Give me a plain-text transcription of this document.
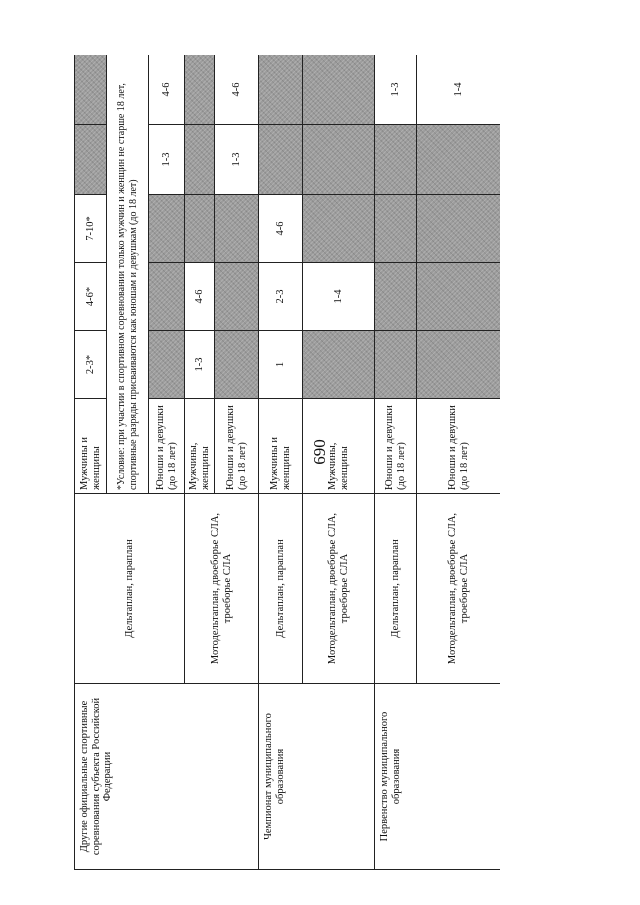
690
Другие официальные спортивные соревнования субъекта Российской Федерации	Дельтаплан, параплан	Мужчины и женщины	2-3*	4-6*	7-10*		
		*Условие: при участии в спортивном соревновании только мужчин и женщин не старше 18 лет, спортивные разряды присваиваются как юношам и девушкам (до 18 лет)					
		Юноши и девушки (до 18 лет)				1-3	4-6
	Мотодельтаплан, двоеборье СЛА, троеборье СЛА	Мужчины, женщины	1-3	4-6			
		Юноши и девушки (до 18 лет)				1-3	4-6
Чемпионат муниципального образования	Дельтаплан, параплан	Мужчины и женщины	1	2-3	4-6		
	Мотодельтаплан, двоеборье СЛА, троеборье СЛА	Мужчины, женщины		1-4			
Первенство муниципального образования	Дельтаплан, параплан	Юноши и девушки (до 18 лет)					1-3
	Мотодельтаплан, двоеборье СЛА, троеборье СЛА	Юноши и девушки (до 18 лет)					1-4
